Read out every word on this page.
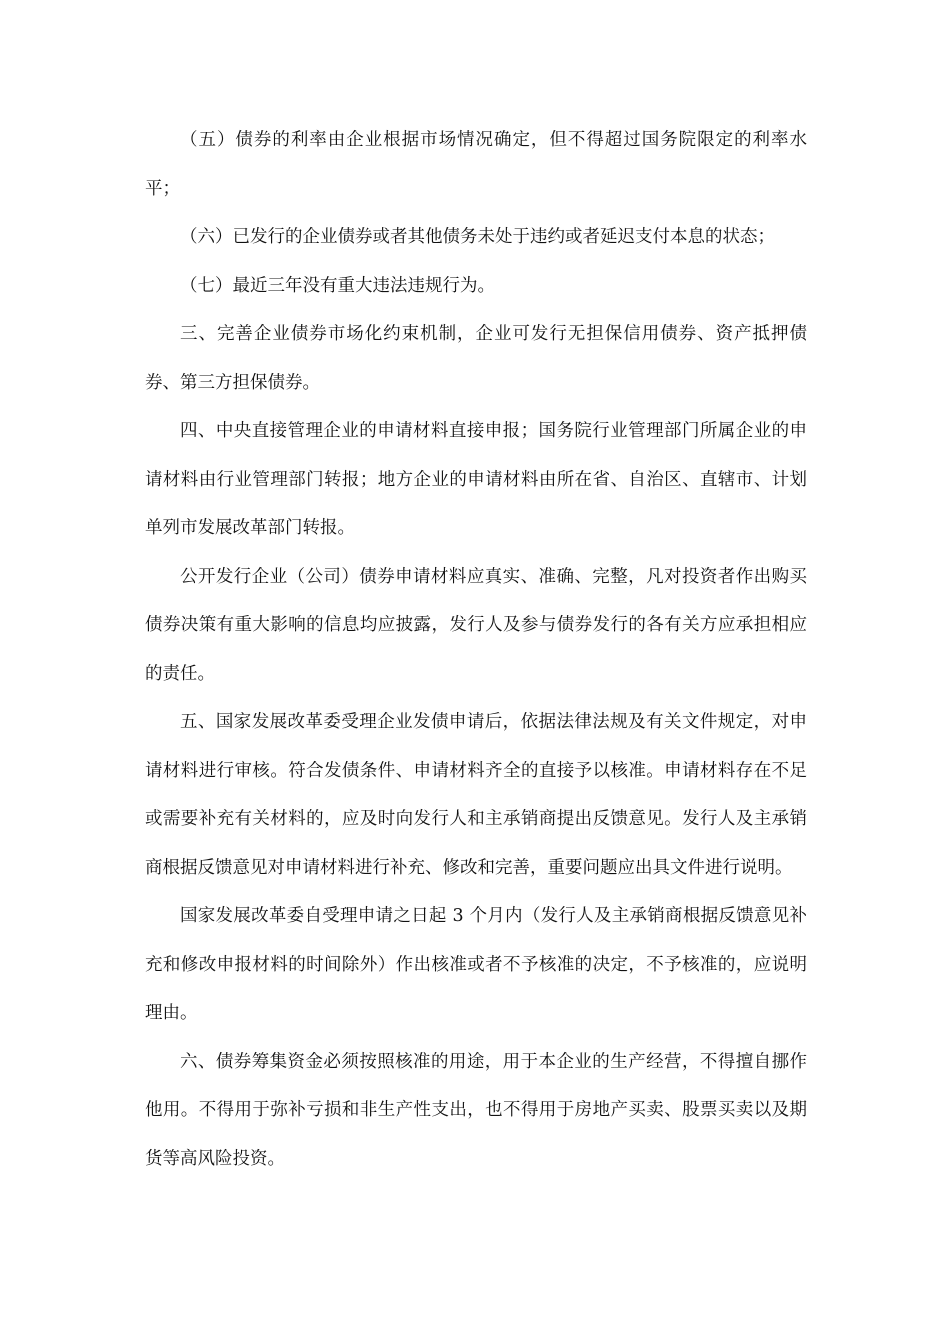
（五）债券的利率由企业根据市场情况确定，但不得超过国务院限定的利率水平；

（六）已发行的企业债券或者其他债务未处于违约或者延迟支付本息的状态；

（七）最近三年没有重大违法违规行为。

三、完善企业债券市场化约束机制，企业可发行无担保信用债券、资产抵押债券、第三方担保债券。

四、中央直接管理企业的申请材料直接申报；国务院行业管理部门所属企业的申请材料由行业管理部门转报；地方企业的申请材料由所在省、自治区、直辖市、计划单列市发展改革部门转报。

公开发行企业（公司）债券申请材料应真实、准确、完整，凡对投资者作出购买债券决策有重大影响的信息均应披露，发行人及参与债券发行的各有关方应承担相应的责任。

五、国家发展改革委受理企业发债申请后，依据法律法规及有关文件规定，对申请材料进行审核。符合发债条件、申请材料齐全的直接予以核准。申请材料存在不足或需要补充有关材料的，应及时向发行人和主承销商提出反馈意见。发行人及主承销商根据反馈意见对申请材料进行补充、修改和完善，重要问题应出具文件进行说明。

国家发展改革委自受理申请之日起 3 个月内（发行人及主承销商根据反馈意见补充和修改申报材料的时间除外）作出核准或者不予核准的决定，不予核准的，应说明理由。

六、债券筹集资金必须按照核准的用途，用于本企业的生产经营，不得擅自挪作他用。不得用于弥补亏损和非生产性支出，也不得用于房地产买卖、股票买卖以及期货等高风险投资。
